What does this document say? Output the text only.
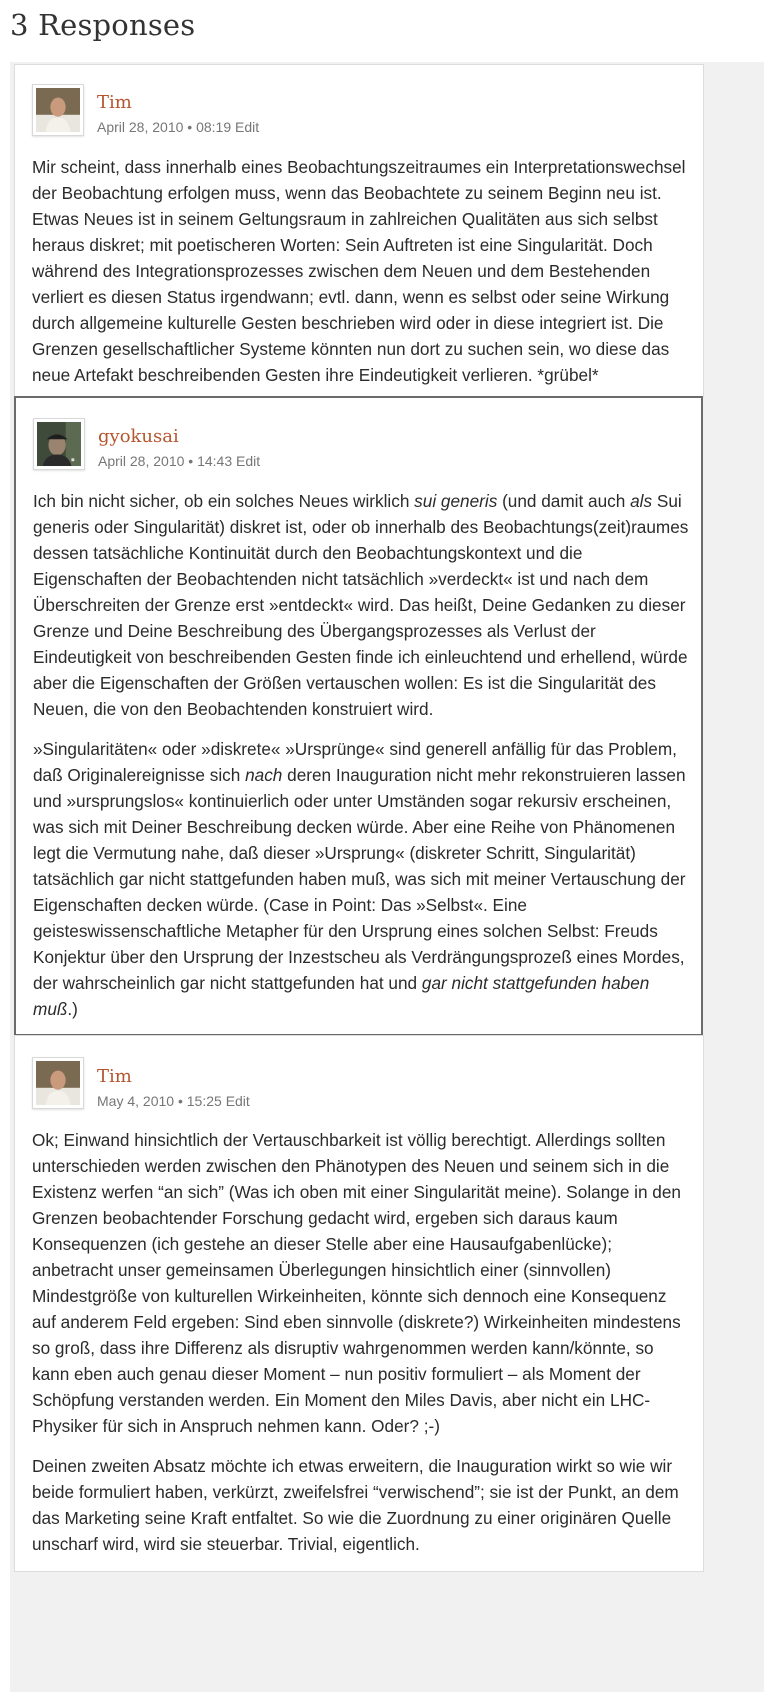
3 Responses
Tim
April 28, 2010 • 08:19 Edit

Mir scheint, dass innerhalb eines Beobachtungszeitraumes ein Interpretationswechsel der Beobachtung erfolgen muss, wenn das Beobachtete zu seinem Beginn neu ist. Etwas Neues ist in seinem Geltungsraum in zahlreichen Qualitäten aus sich selbst heraus diskret; mit poetischeren Worten: Sein Auftreten ist eine Singularität. Doch während des Integrationsprozesses zwischen dem Neuen und dem Bestehenden verliert es diesen Status irgendwann; evtl. dann, wenn es selbst oder seine Wirkung durch allgemeine kulturelle Gesten beschrieben wird oder in diese integriert ist. Die Grenzen gesellschaftlicher Systeme könnten nun dort zu suchen sein, wo diese das neue Artefakt beschreibenden Gesten ihre Eindeutigkeit verlieren. *grübel*

gyokusai
April 28, 2010 • 14:43 Edit

Ich bin nicht sicher, ob ein solches Neues wirklich sui generis (und damit auch als Sui generis oder Singularität) diskret ist, oder ob innerhalb des Beobachtungs(zeit)raumes dessen tatsächliche Kontinuität durch den Beobachtungskontext und die Eigenschaften der Beobachtenden nicht tatsächlich »verdeckt« ist und nach dem Überschreiten der Grenze erst »entdeckt« wird. Das heißt, Deine Gedanken zu dieser Grenze und Deine Beschreibung des Übergangsprozesses als Verlust der Eindeutigkeit von beschreibenden Gesten finde ich einleuchtend und erhellend, würde aber die Eigenschaften der Größen vertauschen wollen: Es ist die Singularität des Neuen, die von den Beobachtenden konstruiert wird.

»Singularitäten« oder »diskrete« »Ursprünge« sind generell anfällig für das Problem, daß Originalereignisse sich nach deren Inauguration nicht mehr rekonstruieren lassen und »ursprungslos« kontinuierlich oder unter Umständen sogar rekursiv erscheinen, was sich mit Deiner Beschreibung decken würde. Aber eine Reihe von Phänomenen legt die Vermutung nahe, daß dieser »Ursprung« (diskreter Schritt, Singularität) tatsächlich gar nicht stattgefunden haben muß, was sich mit meiner Vertauschung der Eigenschaften decken würde. (Case in Point: Das »Selbst«. Eine geisteswissenschaftliche Metapher für den Ursprung eines solchen Selbst: Freuds Konjektur über den Ursprung der Inzestscheu als Verdrängungsprozeß eines Mordes, der wahrscheinlich gar nicht stattgefunden hat und gar nicht stattgefunden haben muß.)

Tim
May 4, 2010 • 15:25 Edit

Ok; Einwand hinsichtlich der Vertauschbarkeit ist völlig berechtigt. Allerdings sollten unterschieden werden zwischen den Phänotypen des Neuen und seinem sich in die Existenz werfen “an sich” (Was ich oben mit einer Singularität meine). Solange in den Grenzen beobachtender Forschung gedacht wird, ergeben sich daraus kaum Konsequenzen (ich gestehe an dieser Stelle aber eine Hausaufgabenlücke); anbetracht unser gemeinsamen Überlegungen hinsichtlich einer (sinnvollen) Mindestgröße von kulturellen Wirkeinheiten, könnte sich dennoch eine Konsequenz auf anderem Feld ergeben: Sind eben sinnvolle (diskrete?) Wirkeinheiten mindestens so groß, dass ihre Differenz als disruptiv wahrgenommen werden kann/könnte, so kann eben auch genau dieser Moment – nun positiv formuliert – als Moment der Schöpfung verstanden werden. Ein Moment den Miles Davis, aber nicht ein LHC-Physiker für sich in Anspruch nehmen kann. Oder? ;-)

Deinen zweiten Absatz möchte ich etwas erweitern, die Inauguration wirkt so wie wir beide formuliert haben, verkürzt, zweifelsfrei “verwischend”; sie ist der Punkt, an dem das Marketing seine Kraft entfaltet. So wie die Zuordnung zu einer originären Quelle unscharf wird, wird sie steuerbar. Trivial, eigentlich.
